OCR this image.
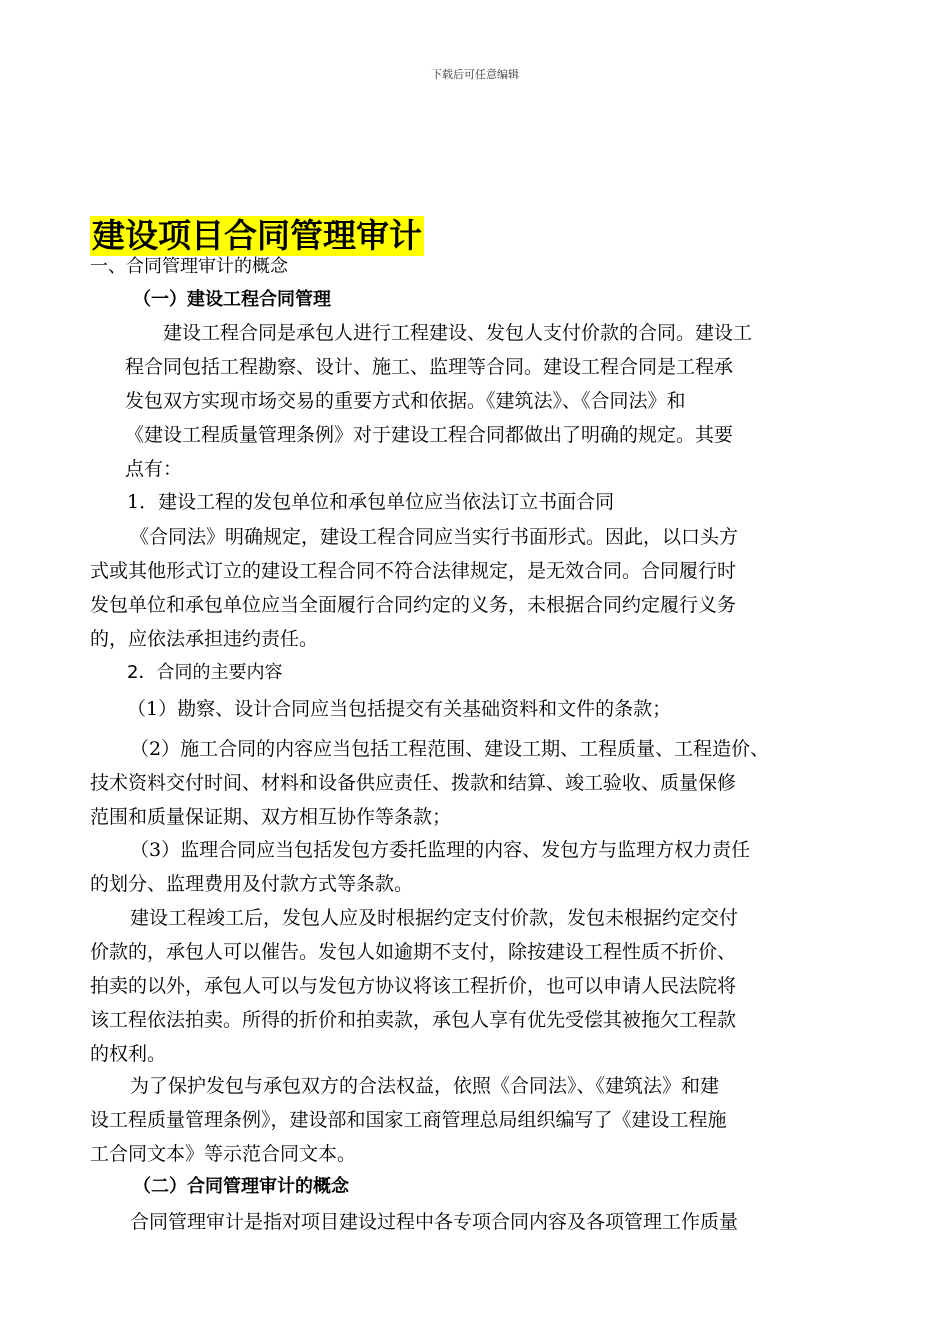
下载后可任意编辑
建设项目合同管理审计
一、合同管理审计的概念
（一）建设工程合同管理
建设工程合同是承包人进行工程建设、发包人支付价款的合同。建设工
程合同包括工程勘察、设计、施工、监理等合同。建设工程合同是工程承
发包双方实现市场交易的重要方式和依据。《建筑法》、《合同法》和
《建设工程质量管理条例》对于建设工程合同都做出了明确的规定。其要
点有：
1．建设工程的发包单位和承包单位应当依法订立书面合同
《合同法》明确规定，建设工程合同应当实行书面形式。因此，以口头方
式或其他形式订立的建设工程合同不符合法律规定，是无效合同。合同履行时
发包单位和承包单位应当全面履行合同约定的义务，未根据合同约定履行义务
的，应依法承担违约责任。
2．合同的主要内容
（1）勘察、设计合同应当包括提交有关基础资料和文件的条款；
（2）施工合同的内容应当包括工程范围、建设工期、工程质量、工程造价、
技术资料交付时间、材料和设备供应责任、拨款和结算、竣工验收、质量保修
范围和质量保证期、双方相互协作等条款；
（3）监理合同应当包括发包方委托监理的内容、发包方与监理方权力责任
的划分、监理费用及付款方式等条款。
建设工程竣工后，发包人应及时根据约定支付价款，发包未根据约定交付
价款的，承包人可以催告。发包人如逾期不支付，除按建设工程性质不折价、
拍卖的以外，承包人可以与发包方协议将该工程折价，也可以申请人民法院将
该工程依法拍卖。所得的折价和拍卖款，承包人享有优先受偿其被拖欠工程款
的权利。
为了保护发包与承包双方的合法权益，依照《合同法》、《建筑法》和建
设工程质量管理条例》，建设部和国家工商管理总局组织编写了《建设工程施
工合同文本》等示范合同文本。
（二）合同管理审计的概念
合同管理审计是指对项目建设过程中各专项合同内容及各项管理工作质量
